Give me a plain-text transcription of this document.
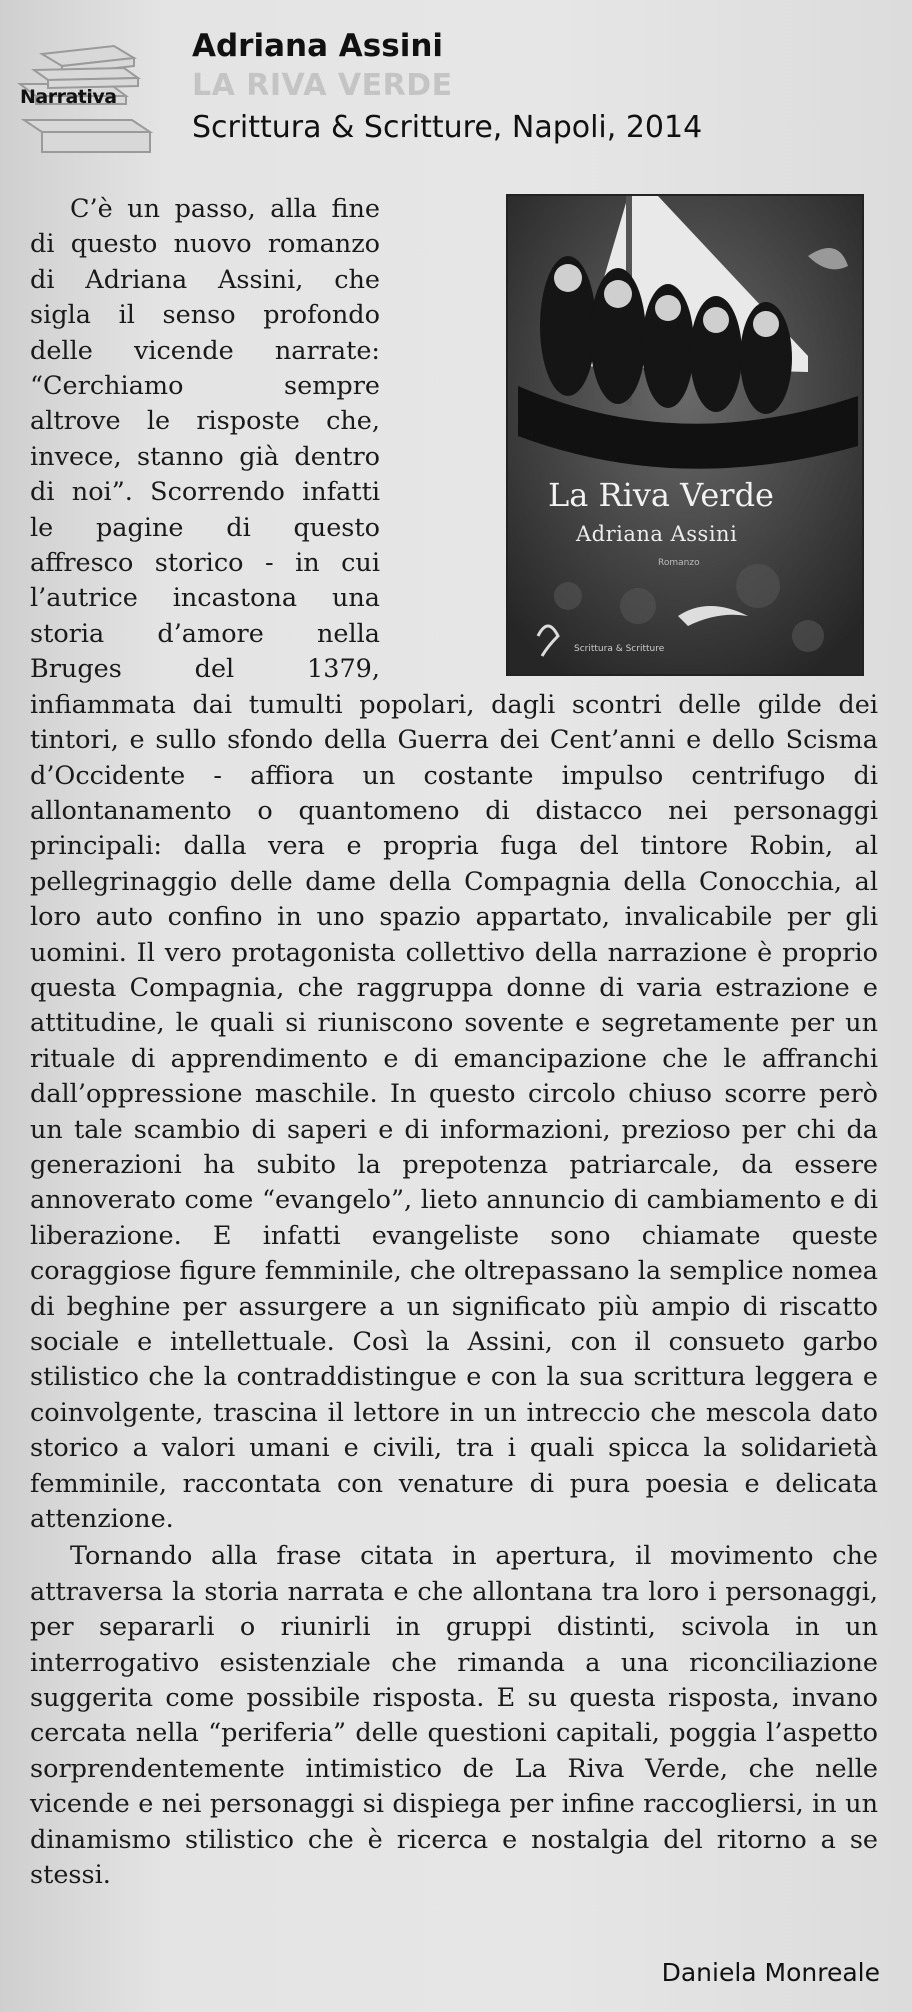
Narrativa
Adriana Assini
LA RIVA VERDE
Scrittura & Scritture, Napoli, 2014
La Riva Verde
Adriana Assini
Romanzo
Scrittura & Scritture

C’è un passo, alla fine di questo nuovo romanzo di Adriana Assini, che sigla il senso profondo delle vicende narrate: “Cerchiamo sempre altrove le risposte che, invece, stanno già dentro di noi”. Scorrendo infatti le pagine di questo affresco storico - in cui l’autrice incastona una storia d’amore nella Bruges del 1379, infiammata dai tumulti popolari, dagli scontri delle gilde dei tintori, e sullo sfondo della Guerra dei Cent’anni e dello Scisma d’Occidente - affiora un costante impulso centrifugo di allontanamento o quantomeno di distacco nei personaggi principali: dalla vera e propria fuga del tintore Robin, al pellegrinaggio delle dame della Compagnia della Conocchia, al loro auto confino in uno spazio appartato, invalicabile per gli uomini. Il vero protagonista collettivo della narrazione è proprio questa Compagnia, che raggruppa donne di varia estrazione e attitudine, le quali si riuniscono sovente e segretamente per un rituale di apprendimento e di emancipazione che le affranchi dall’oppressione maschile. In questo circolo chiuso scorre però un tale scambio di saperi e di informazioni, prezioso per chi da generazioni ha subito la prepotenza patriarcale, da essere annoverato come “evangelo”, lieto annuncio di cambiamento e di liberazione. E infatti evangeliste sono chiamate queste coraggiose figure femminile, che oltrepassano la semplice nomea di beghine per assurgere a un significato più ampio di riscatto sociale e intellettuale. Così la Assini, con il consueto garbo stilistico che la contraddistingue e con la sua scrittura leggera e coinvolgente, trascina il lettore in un intreccio che mescola dato storico a valori umani e civili, tra i quali spicca la solidarietà femminile, raccontata con venature di pura poesia e delicata attenzione.

Tornando alla frase citata in apertura, il movimento che attraversa la storia narrata e che allontana tra loro i personaggi, per separarli o riunirli in gruppi distinti, scivola in un interrogativo esistenziale che rimanda a una riconciliazione suggerita come possibile risposta. E su questa risposta, invano cercata nella “periferia” delle questioni capitali, poggia l’aspetto sorprendentemente intimistico de La Riva Verde, che nelle vicende e nei personaggi si dispiega per infine raccogliersi, in un dinamismo stilistico che è ricerca e nostalgia del ritorno a se stessi.

Daniela Monreale
